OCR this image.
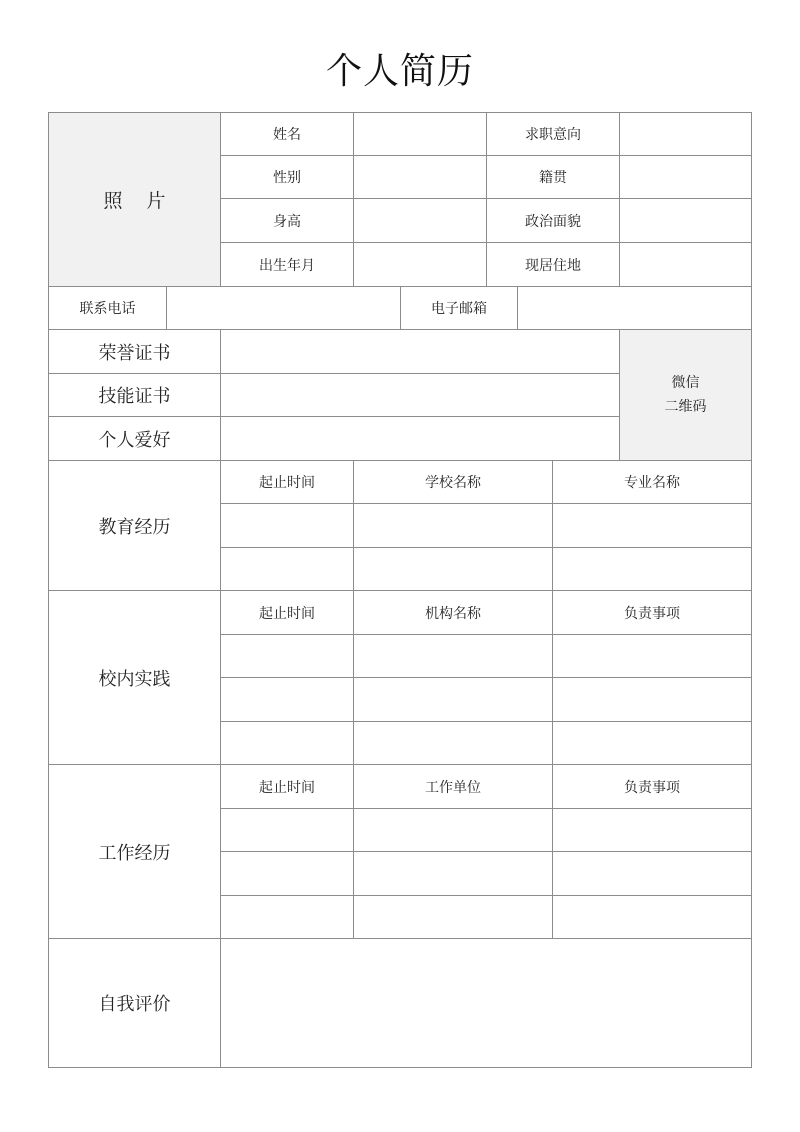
个人简历
照 片
姓名	求职意向
性别	籍贯
身高	政治面貌
出生年月	现居住地
联系电话	电子邮箱
荣誉证书
技能证书
个人爱好
微信
二维码
教育经历
起止时间	学校名称	专业名称
校内实践
起止时间	机构名称	负责事项
工作经历
起止时间	工作单位	负责事项
自我评价
